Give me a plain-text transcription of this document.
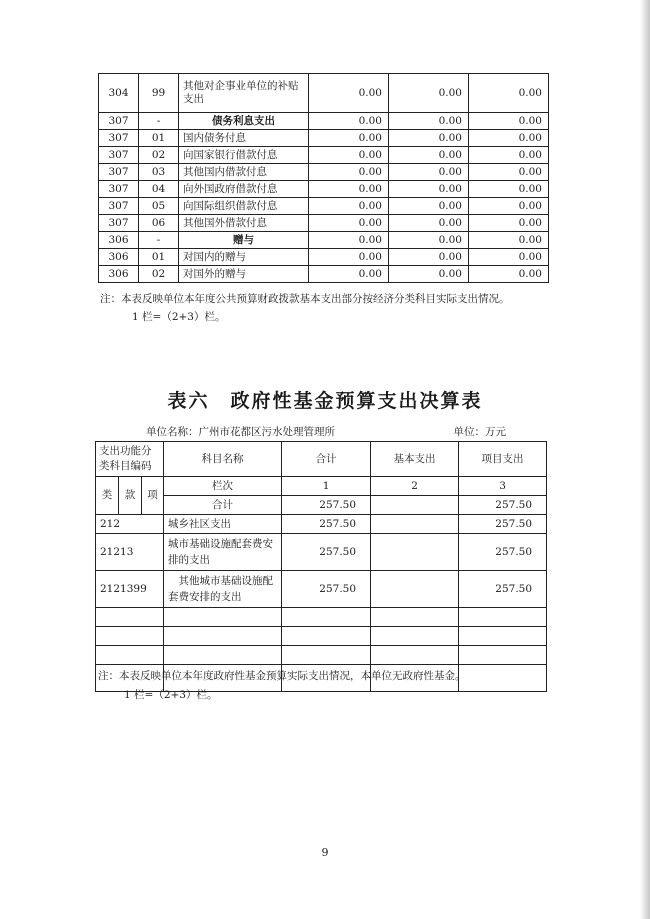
304	99	其他对企事业单位的补贴支出	0.00	0.00	0.00
307	-	债务利息支出	0.00	0.00	0.00
307	01	国内债务付息	0.00	0.00	0.00
307	02	向国家银行借款付息	0.00	0.00	0.00
307	03	其他国内借款付息	0.00	0.00	0.00
307	04	向外国政府借款付息	0.00	0.00	0.00
307	05	向国际组织借款付息	0.00	0.00	0.00
307	06	其他国外借款付息	0.00	0.00	0.00
306	-	赠与	0.00	0.00	0.00
306	01	对国内的赠与	0.00	0.00	0.00
306	02	对国外的赠与	0.00	0.00	0.00
注：本表反映单位本年度公共预算财政拨款基本支出部分按经济分类科目实际支出情况。
1 栏=（2+3）栏。
表六　政府性基金预算支出决算表
单位名称：广州市花都区污水处理管理所	单位：万元
支出功能分类科目编码			科目名称	合计	基本支出	项目支出
类	款	项				
			栏次	1	2	3
			合计	257.50		257.50
212			城乡社区支出	257.50		257.50
21213			城市基础设施配套费安排的支出	257.50		257.50
2121399			其他城市基础设施配套费安排的支出	257.50		257.50

注：本表反映单位本年度政府性基金预算实际支出情况，本单位无政府性基金。
1 栏=（2+3）栏。
9
